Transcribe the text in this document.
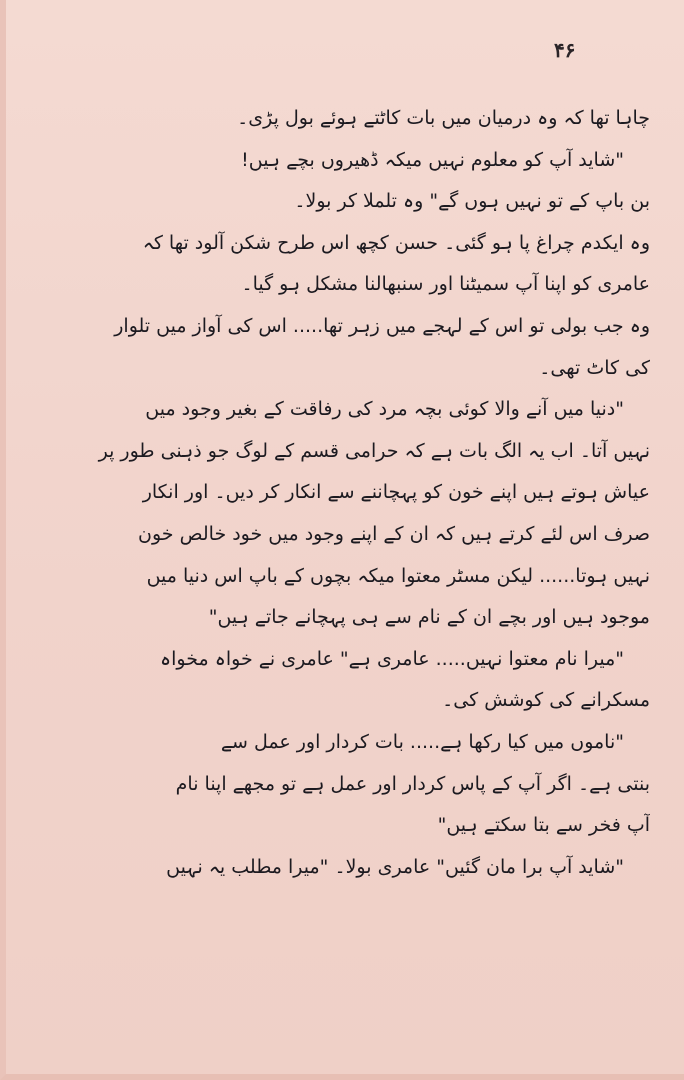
۴۶
چاہا تھا کہ وہ درمیان میں بات کاٹتے ہوئے بول پڑی۔
"شاید آپ کو معلوم نہیں میکہ ڈھیروں بچے ہیں!
بن باپ کے تو نہیں ہوں گے" وہ تلملا کر بولا۔
وہ ایکدم چراغ پا ہو گئی۔ حسن کچھ اس طرح شکن آلود تھا کہ
عامری کو اپنا آپ سمیٹنا اور سنبھالنا مشکل ہو گیا۔
وہ جب بولی تو اس کے لہجے میں زہر تھا..... اس کی آواز میں تلوار
کی کاٹ تھی۔
"دنیا میں آنے والا کوئی بچہ مرد کی رفاقت کے بغیر وجود میں
نہیں آتا۔ اب یہ الگ بات ہے کہ حرامی قسم کے لوگ جو ذہنی طور پر
عیاش ہوتے ہیں اپنے خون کو پہچاننے سے انکار کر دیں۔ اور انکار
صرف اس لئے کرتے ہیں کہ ان کے اپنے وجود میں خود خالص خون
نہیں ہوتا...... لیکن مسٹر معتوا میکہ بچوں کے باپ اس دنیا میں
موجود ہیں اور بچے ان کے نام سے ہی پہچانے جاتے ہیں"
"میرا نام معتوا نہیں..... عامری ہے" عامری نے خواہ مخواہ
مسکرانے کی کوشش کی۔
"ناموں میں کیا رکھا ہے..... بات کردار اور عمل سے
بنتی ہے۔ اگر آپ کے پاس کردار اور عمل ہے تو مجھے اپنا نام
آپ فخر سے بتا سکتے ہیں"
"شاید آپ برا مان گئیں" عامری بولا۔ "میرا مطلب یہ نہیں
